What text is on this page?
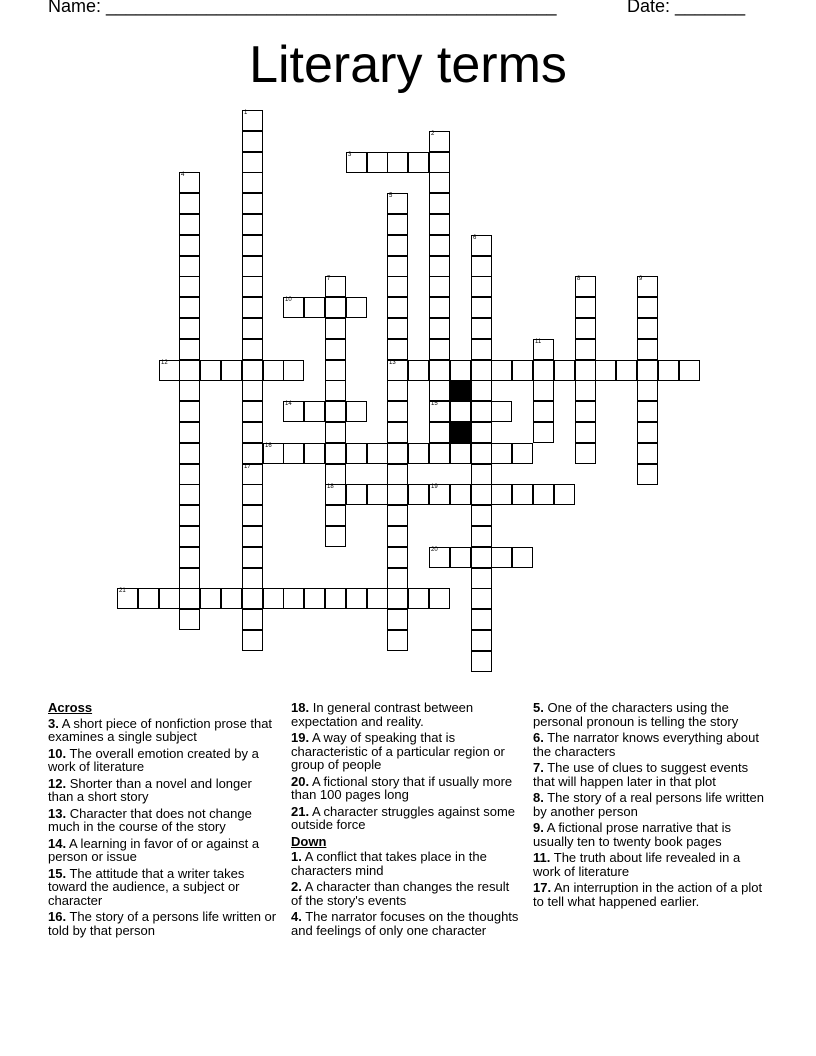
Name: _____________________________________________	Date: _______
Literary terms
1
17
2
15
3
4
5
13
6
7
18
8	9
10
11
12
14
16
19
20
21
Across
3. A short piece of nonfiction prose that examines a single subject
10. The overall emotion created by a work of literature
12. Shorter than a novel and longer than a short story
13. Character that does not change much in the course of the story
14. A learning in favor of or against a person or issue
15. The attitude that a writer takes toward the audience, a subject or character
16. The story of a persons life written or told by that person
18. In general contrast between expectation and reality.
19. A way of speaking that is characteristic of a particular region or group of people
20. A fictional story that if usually more than 100 pages long
21. A character struggles against some outside force
Down
1. A conflict that takes place in the characters mind
2. A character than changes the result of the story's events
4. The narrator focuses on the thoughts and feelings of only one character
5. One of the characters using the personal pronoun is telling the story
6. The narrator knows everything about the characters
7. The use of clues to suggest events that will happen later in that plot
8. The story of a real persons life written by another person
9. A fictional prose narrative that is usually ten to twenty book pages
11. The truth about life revealed in a work of literature
17. An interruption in the action of a plot to tell what happened earlier.
